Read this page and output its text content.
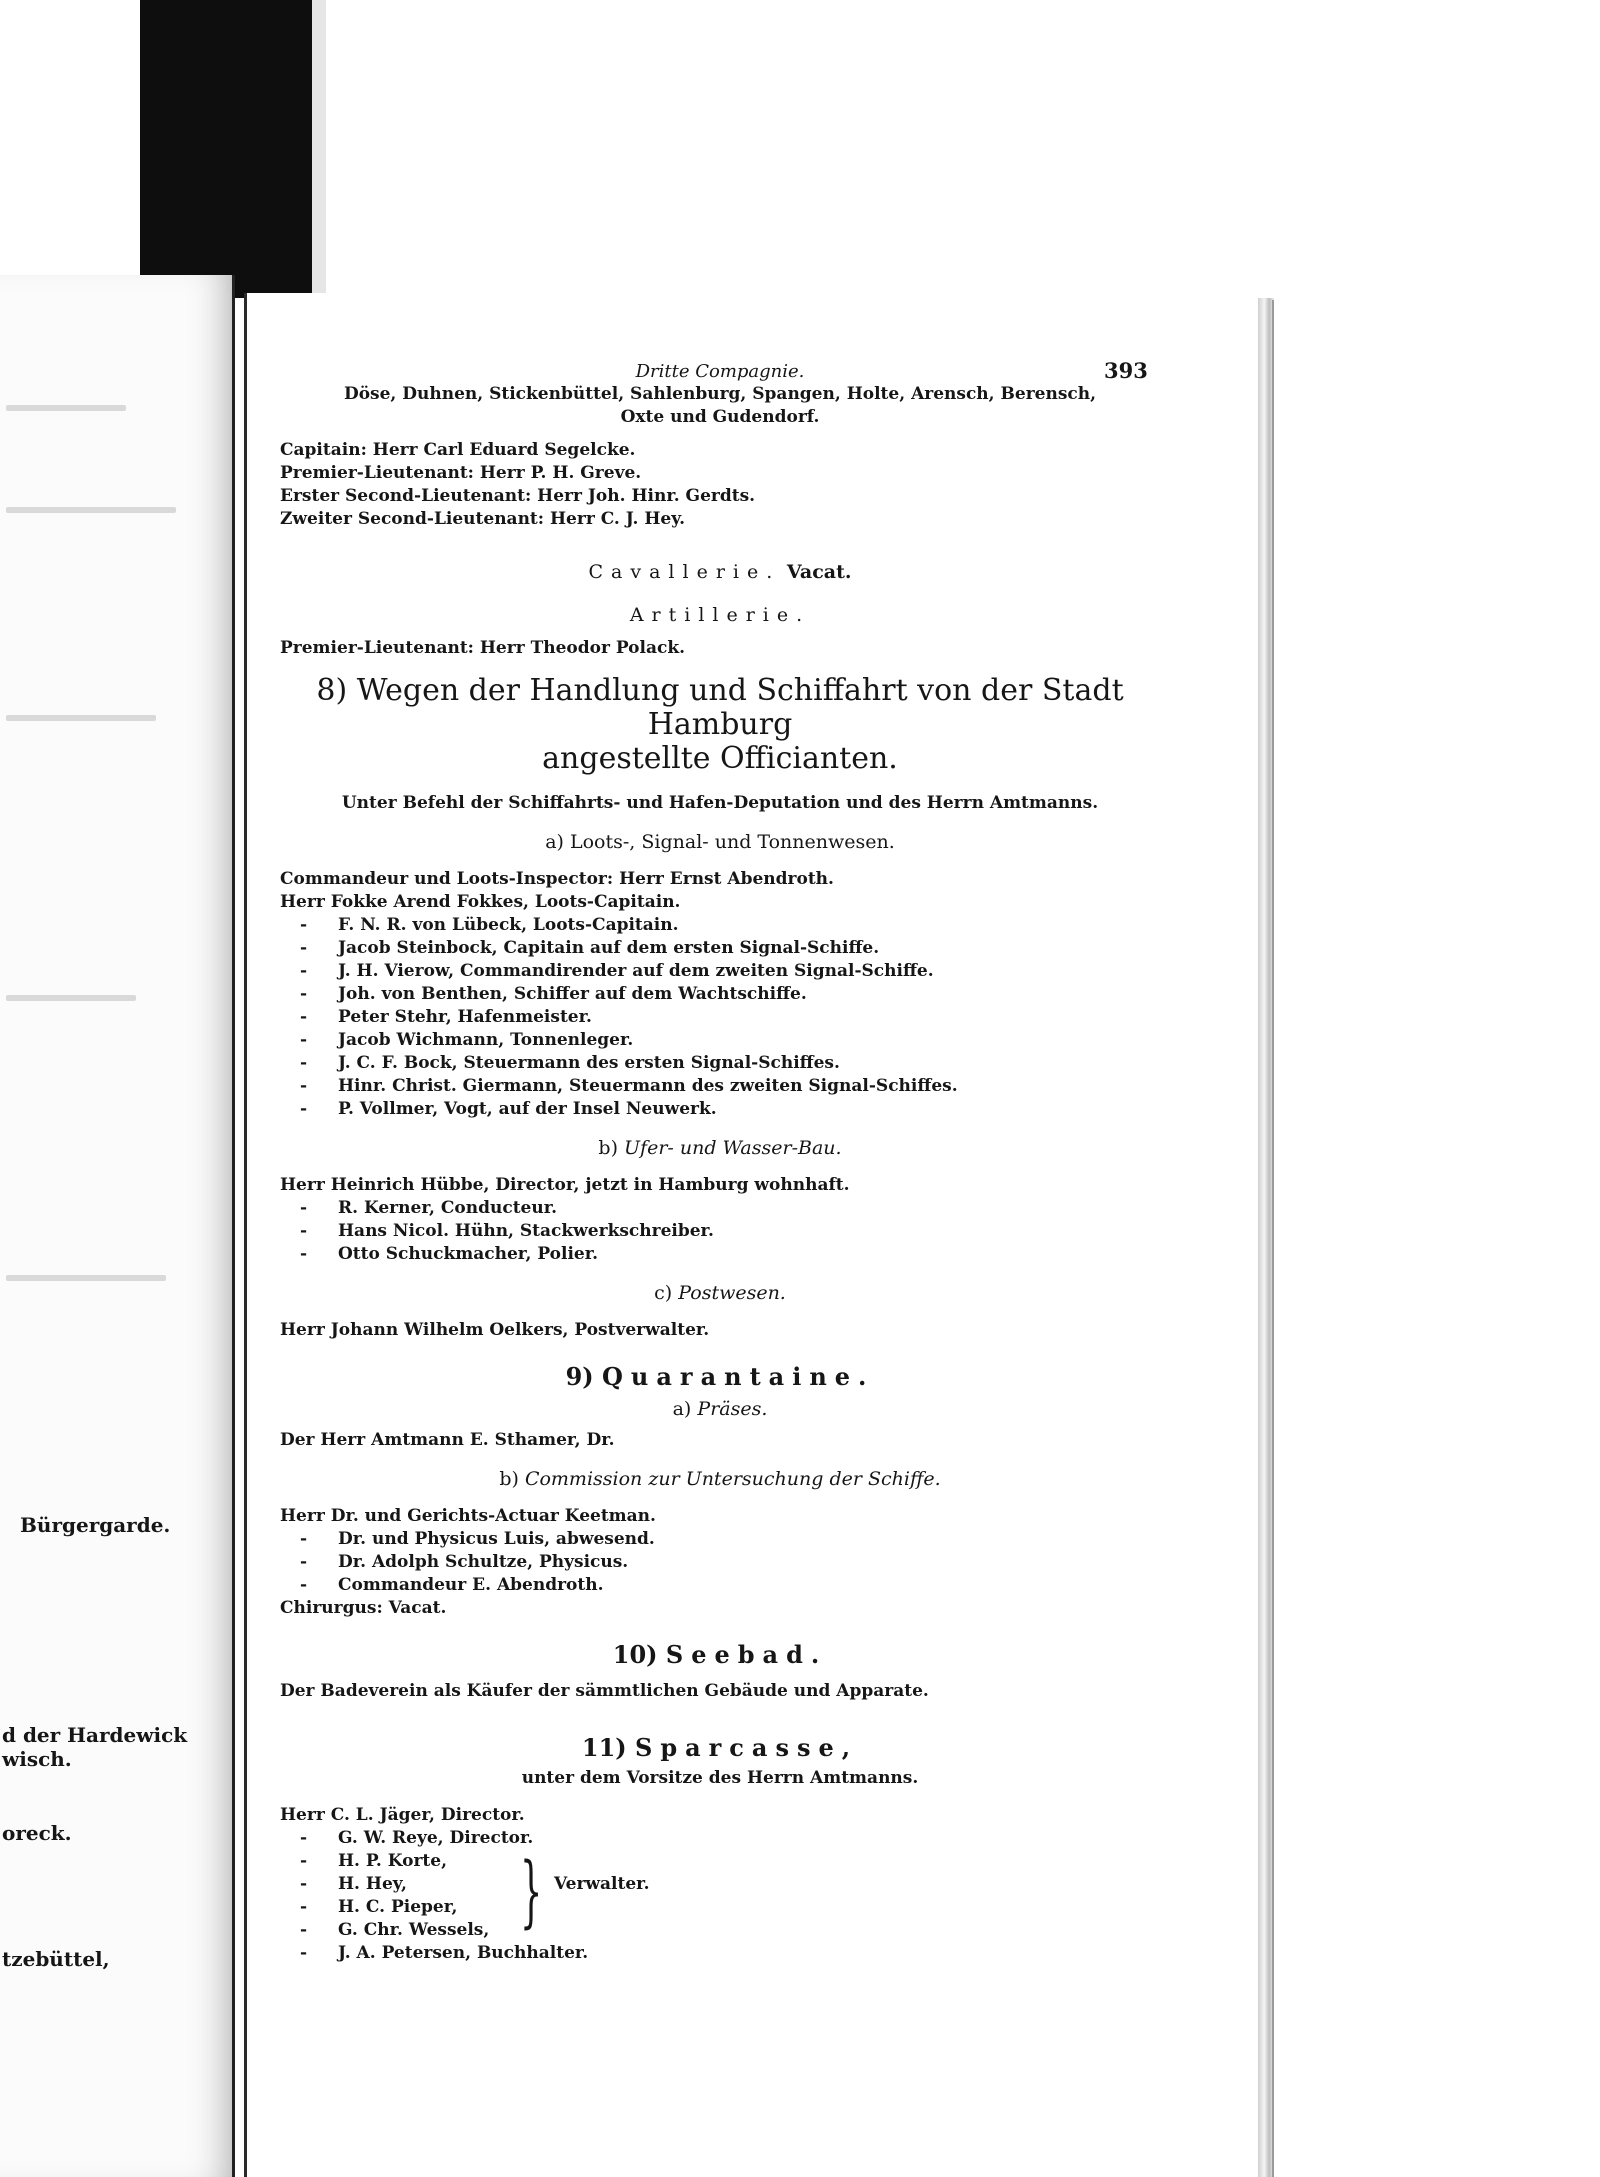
Bürgergarde.
d der Hardewick
wisch.
oreck.
tzebüttel,
393
Dritte Compagnie.
Döse, Duhnen, Stickenbüttel, Sahlenburg, Spangen, Holte, Arensch, Berensch,
Oxte und Gudendorf.
Capitain: Herr Carl Eduard Segelcke.
Premier-Lieutenant: Herr P. H. Greve.
Erster Second-Lieutenant: Herr Joh. Hinr. Gerdts.
Zweiter Second-Lieutenant: Herr C. J. Hey.
Cavallerie. Vacat.
Artillerie.
Premier-Lieutenant: Herr Theodor Polack.
8) Wegen der Handlung und Schiffahrt von der Stadt Hamburg
angestellte Officianten.
Unter Befehl der Schiffahrts- und Hafen-Deputation und des Herrn Amtmanns.
a) Loots-, Signal- und Tonnenwesen.
Commandeur und Loots-Inspector: Herr Ernst Abendroth.
Herr Fokke Arend Fokkes, Loots-Capitain.
- F. N. R. von Lübeck, Loots-Capitain.
- Jacob Steinbock, Capitain auf dem ersten Signal-Schiffe.
- J. H. Vierow, Commandirender auf dem zweiten Signal-Schiffe.
- Joh. von Benthen, Schiffer auf dem Wachtschiffe.
- Peter Stehr, Hafenmeister.
- Jacob Wichmann, Tonnenleger.
- J. C. F. Bock, Steuermann des ersten Signal-Schiffes.
- Hinr. Christ. Giermann, Steuermann des zweiten Signal-Schiffes.
- P. Vollmer, Vogt, auf der Insel Neuwerk.
b) Ufer- und Wasser-Bau.
Herr Heinrich Hübbe, Director, jetzt in Hamburg wohnhaft.
- R. Kerner, Conducteur.
- Hans Nicol. Hühn, Stackwerkschreiber.
- Otto Schuckmacher, Polier.
c) Postwesen.
Herr Johann Wilhelm Oelkers, Postverwalter.
9) Quarantaine.
a) Präses.
Der Herr Amtmann E. Sthamer, Dr.
b) Commission zur Untersuchung der Schiffe.
Herr Dr. und Gerichts-Actuar Keetman.
- Dr. und Physicus Luis, abwesend.
- Dr. Adolph Schultze, Physicus.
- Commandeur E. Abendroth.
Chirurgus: Vacat.
10) Seebad.
Der Badeverein als Käufer der sämmtlichen Gebäude und Apparate.
11) Sparcasse,
unter dem Vorsitze des Herrn Amtmanns.
Herr C. L. Jäger, Director.
- G. W. Reye, Director.
- H. P. Korte,
- H. Hey,
- H. C. Pieper,
- G. Chr. Wessels,
- J. A. Petersen, Buchhalter.
} Verwalter.
